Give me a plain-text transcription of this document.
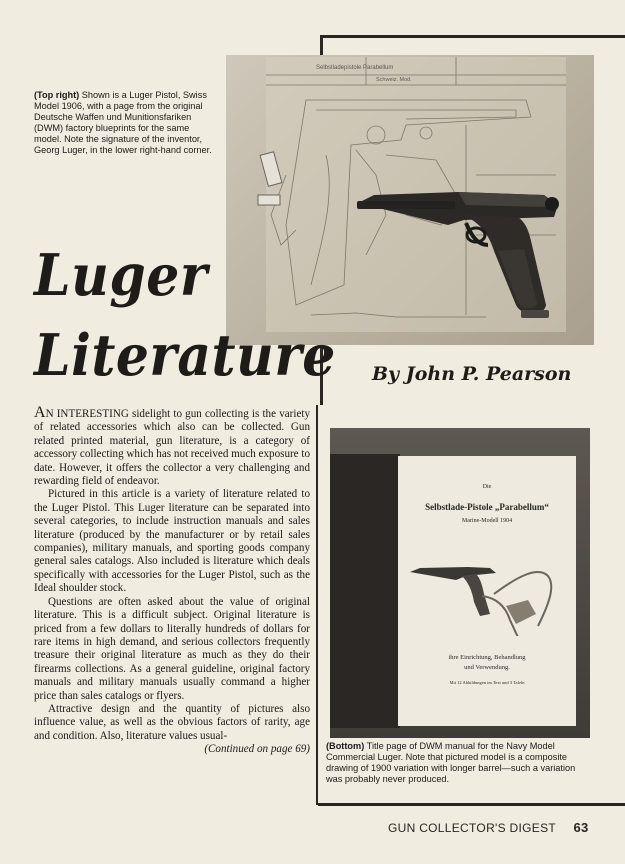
(Top right) Shown is a Luger Pistol, Swiss Model 1906, with a page from the original Deutsche Waffen und Munitionsfariken (DWM) factory blueprints for the same model. Note the signature of the inventor, Georg Luger, in the lower right-hand corner.
Selbstladepistole Parabellum
Schweiz. Mod.
Luger
Literature By John P. Pearson

AN INTERESTING sidelight to gun collecting is the variety of related accessories which also can be collected. Gun related printed material, gun literature, is a category of accessory collecting which has not received much exposure to date. However, it offers the collector a very challenging and rewarding field of endeavor.

Pictured in this article is a variety of literature related to the Luger Pistol. This Luger literature can be separated into several categories, to include instruction manuals and sales literature (produced by the manufacturer or by retail sales companies), military manuals, and sporting goods company general sales catalogs. Also included is literature which deals specifically with accessories for the Luger Pistol, such as the Ideal shoulder stock.

Questions are often asked about the value of original literature. This is a difficult subject. Original literature is priced from a few dollars to literally hundreds of dollars for rare items in high demand, and serious collectors frequently treasure their original literature as much as they do their firearms collections. As a general guideline, original factory manuals and military manuals usually command a higher price than sales catalogs or flyers.

Attractive design and the quantity of pictures also influence value, as well as the obvious factors of rarity, age and condition. Also, literature values usual-

(Continued on page 69)
Die
Selbstlade-Pistole „Parabellum“
Marine-Modell 1904
ihre Einrichtung, Behandlung
und Verwendung.
Mit 12 Abbildungen im Text und 3 Tafeln
(Bottom) Title page of DWM manual for the Navy Model Commercial Luger. Note that pictured model is a composite drawing of 1900 variation with longer barrel—such a variation was probably never produced.
GUN COLLECTOR'S DIGEST 63
